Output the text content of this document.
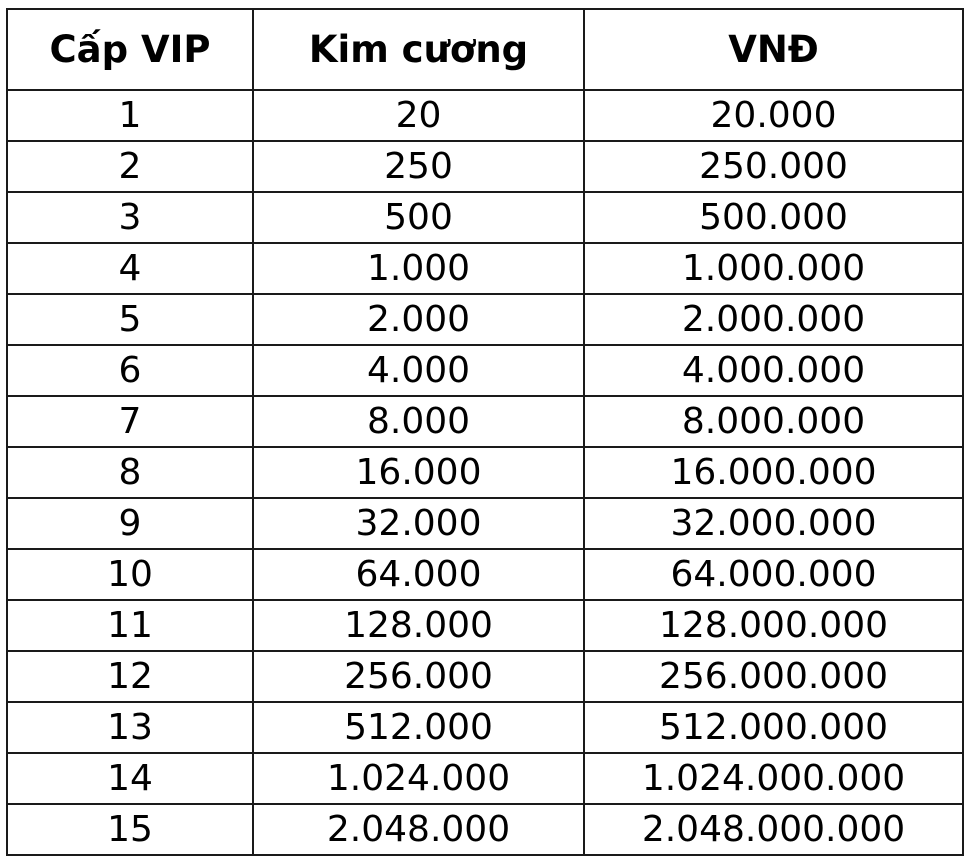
Cấp VIP	Kim cương	VNĐ
1	20	20.000
2	250	250.000
3	500	500.000
4	1.000	1.000.000
5	2.000	2.000.000
6	4.000	4.000.000
7	8.000	8.000.000
8	16.000	16.000.000
9	32.000	32.000.000
10	64.000	64.000.000
11	128.000	128.000.000
12	256.000	256.000.000
13	512.000	512.000.000
14	1.024.000	1.024.000.000
15	2.048.000	2.048.000.000
